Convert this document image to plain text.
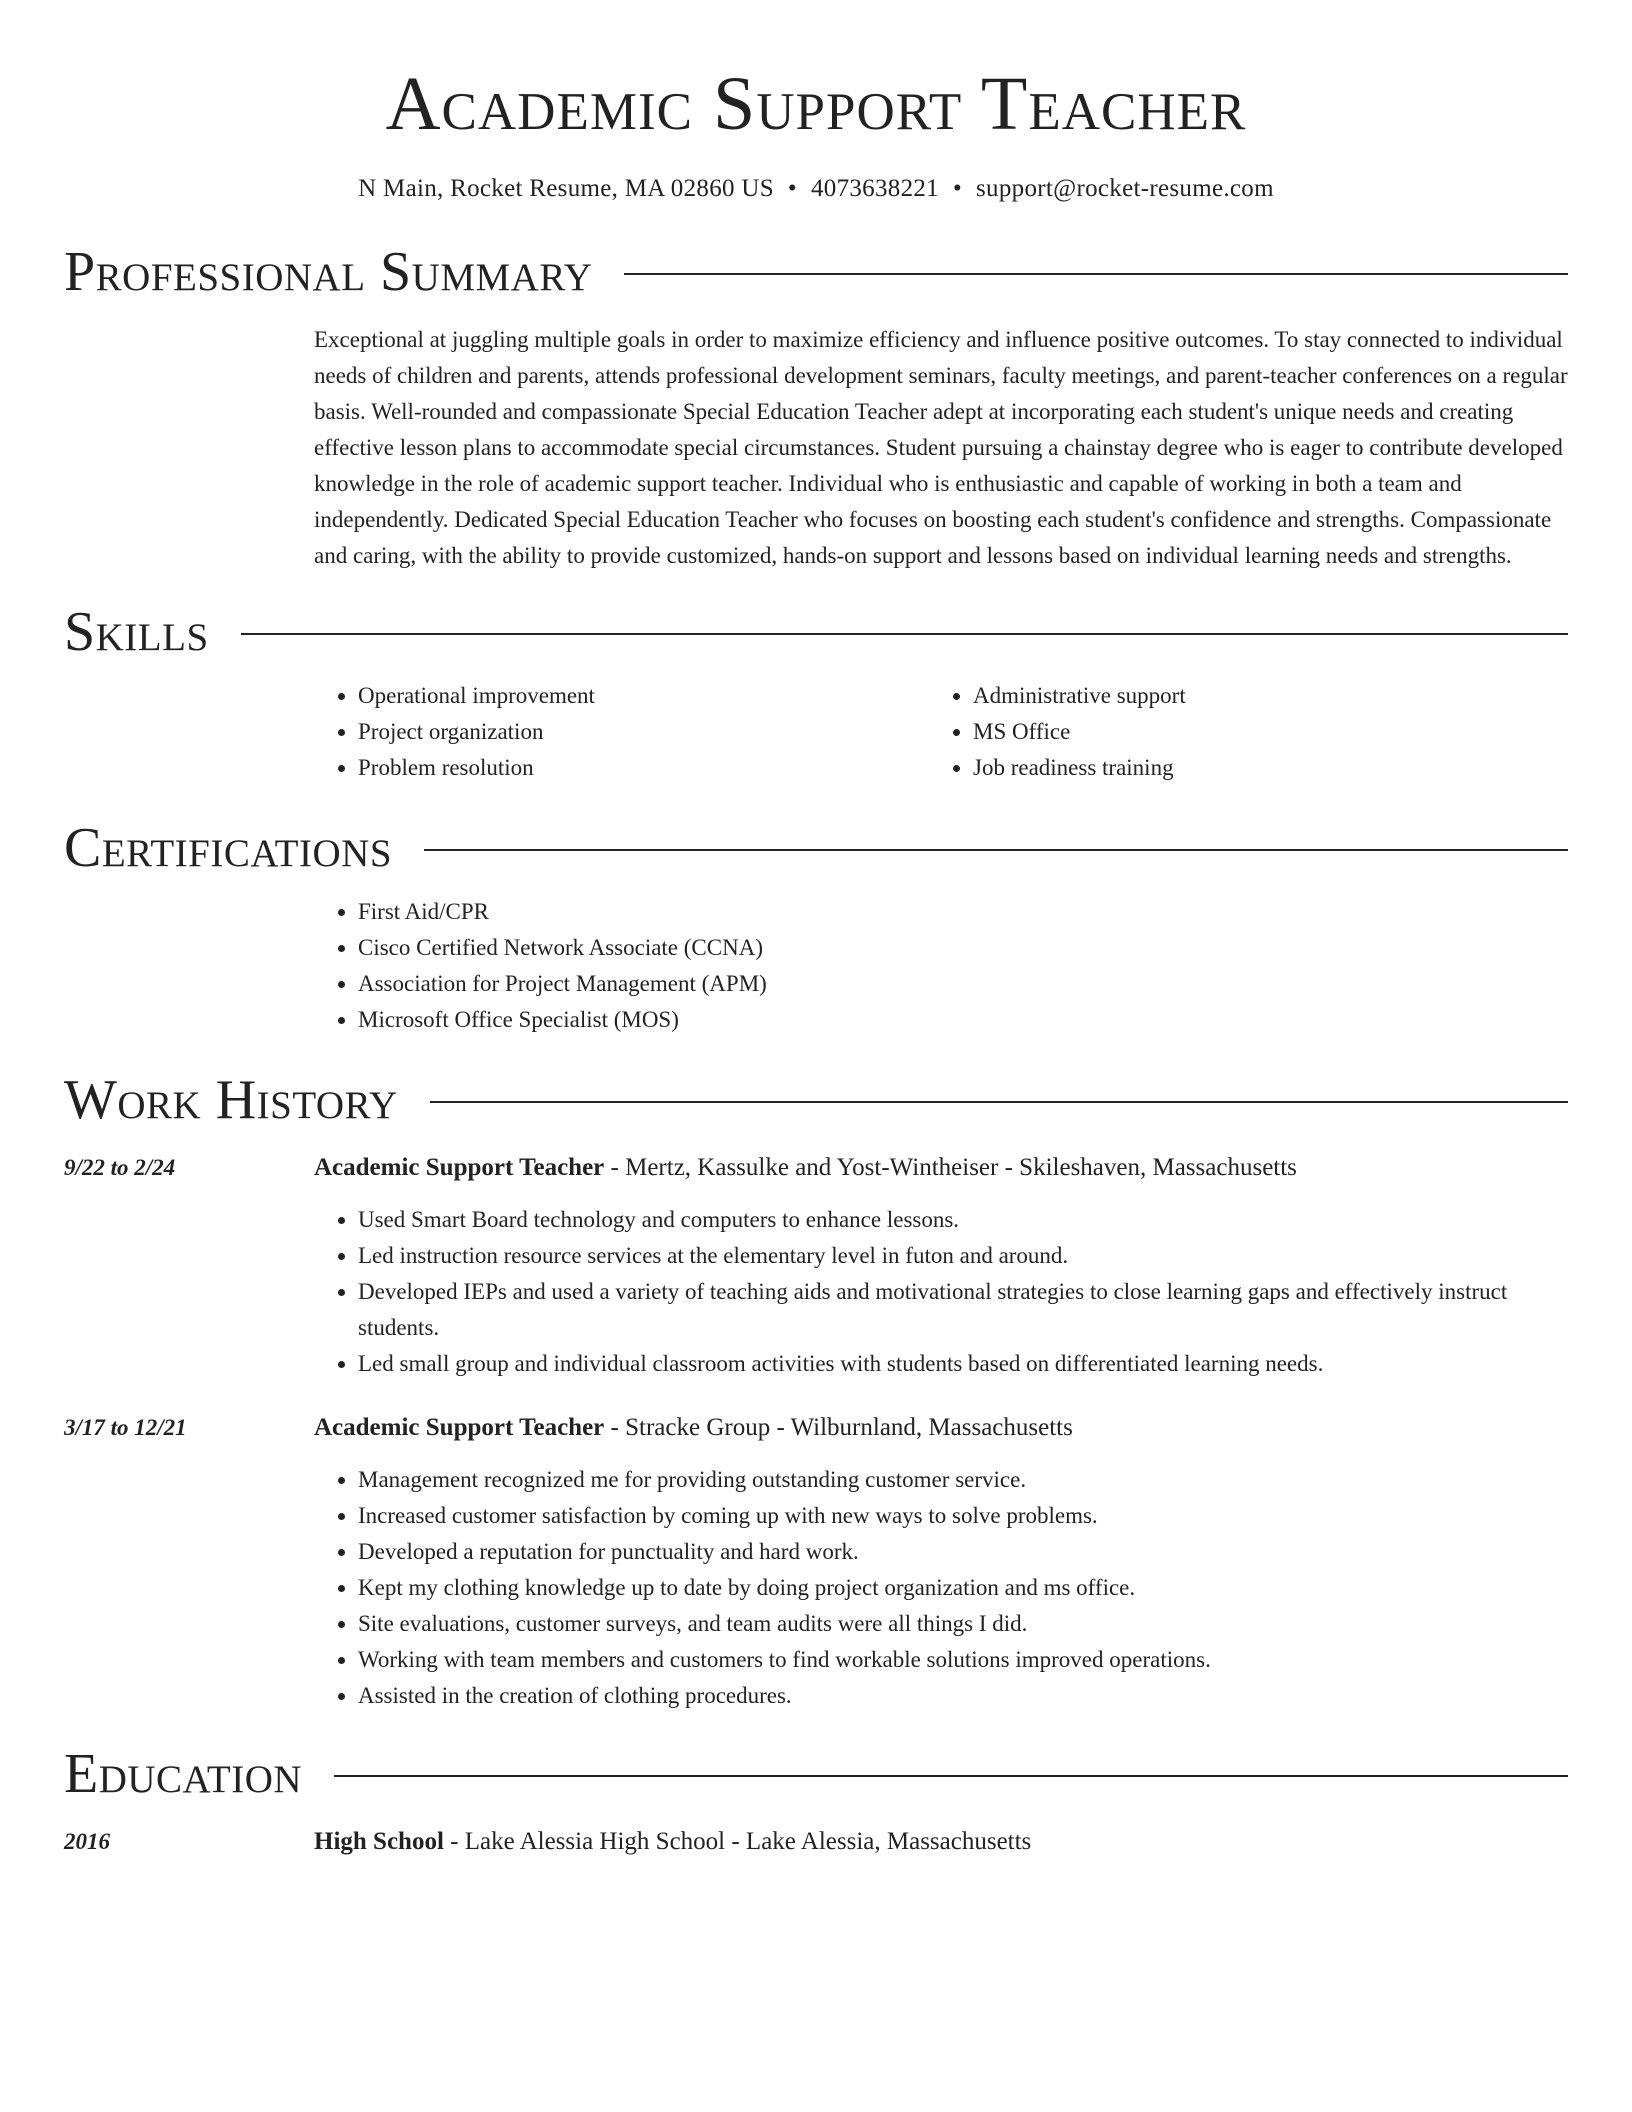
Academic Support Teacher
N Main, Rocket Resume, MA 02860 US • 4073638221 • support@rocket-resume.com
Professional Summary
Exceptional at juggling multiple goals in order to maximize efficiency and influence positive outcomes. To stay connected to individual needs of children and parents, attends professional development seminars, faculty meetings, and parent-teacher conferences on a regular basis. Well-rounded and compassionate Special Education Teacher adept at incorporating each student's unique needs and creating effective lesson plans to accommodate special circumstances. Student pursuing a chainstay degree who is eager to contribute developed knowledge in the role of academic support teacher. Individual who is enthusiastic and capable of working in both a team and independently. Dedicated Special Education Teacher who focuses on boosting each student's confidence and strengths. Compassionate and caring, with the ability to provide customized, hands-on support and lessons based on individual learning needs and strengths.
Skills
• Operational improvement
• Project organization
• Problem resolution
• Administrative support
• MS Office
• Job readiness training
Certifications
• First Aid/CPR
• Cisco Certified Network Associate (CCNA)
• Association for Project Management (APM)
• Microsoft Office Specialist (MOS)
Work History
9/22 to 2/24	Academic Support Teacher - Mertz, Kassulke and Yost-Wintheiser - Skileshaven, Massachusetts
• Used Smart Board technology and computers to enhance lessons.
• Led instruction resource services at the elementary level in futon and around.
• Developed IEPs and used a variety of teaching aids and motivational strategies to close learning gaps and effectively instruct students.
• Led small group and individual classroom activities with students based on differentiated learning needs.
3/17 to 12/21	Academic Support Teacher - Stracke Group - Wilburnland, Massachusetts
• Management recognized me for providing outstanding customer service.
• Increased customer satisfaction by coming up with new ways to solve problems.
• Developed a reputation for punctuality and hard work.
• Kept my clothing knowledge up to date by doing project organization and ms office.
• Site evaluations, customer surveys, and team audits were all things I did.
• Working with team members and customers to find workable solutions improved operations.
• Assisted in the creation of clothing procedures.
Education
2016	High School - Lake Alessia High School - Lake Alessia, Massachusetts
